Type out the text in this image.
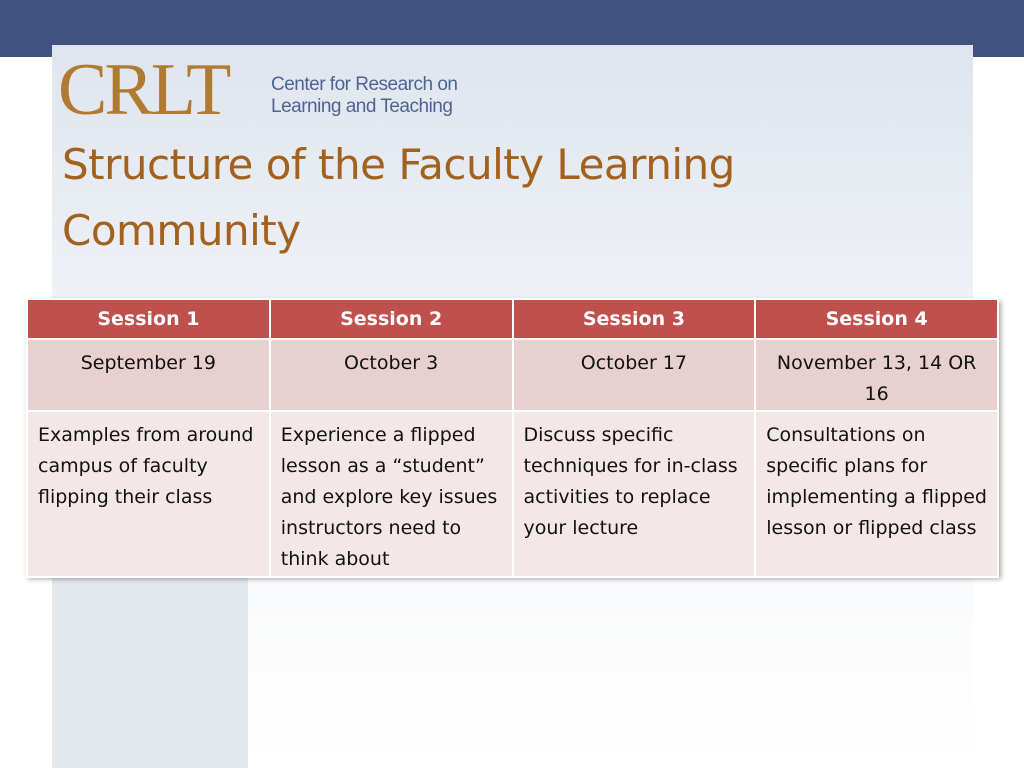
CRLT Center for Research on
Learning and Teaching
Structure of the Faculty Learning
Community
Session 1	Session 2	Session 3	Session 4
September 19	October 3	October 17	November 13, 14 OR 16
Examples from around campus of faculty flipping their class	Experience a flipped lesson as a “student” and explore key issues instructors need to think about	Discuss specific techniques for in-class activities to replace your lecture	Consultations on specific plans for implementing a flipped lesson or flipped class
